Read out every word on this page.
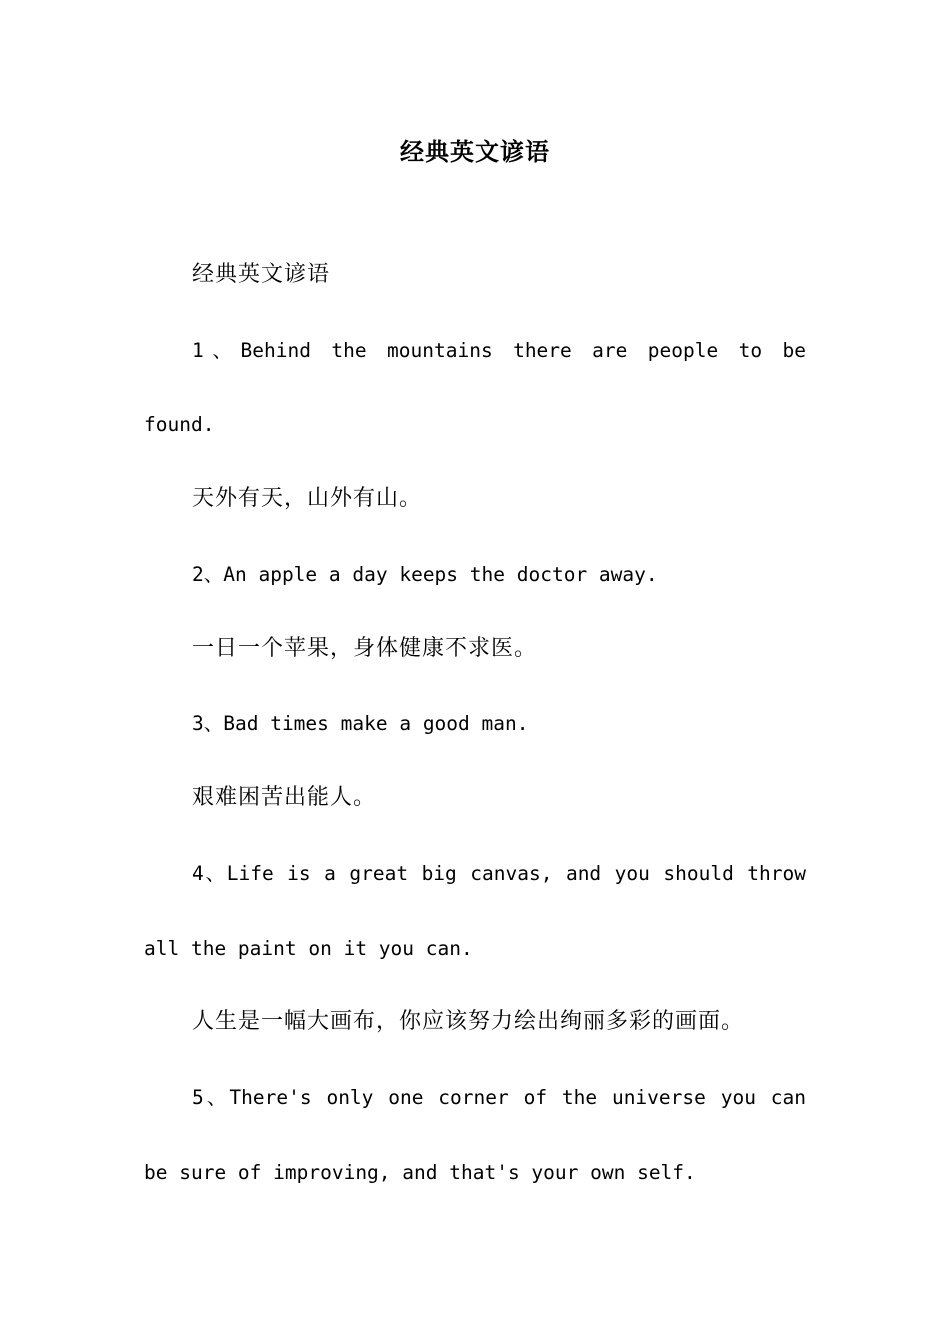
经典英文谚语
经典英文谚语
1、Behind the mountains there are people to be
found.
天外有天，山外有山。
2、An apple a day keeps the doctor away.
一日一个苹果，身体健康不求医。
3、Bad times make a good man.
艰难困苦出能人。
4、Life is a great big canvas, and you should throw
all the paint on it you can.
人生是一幅大画布，你应该努力绘出绚丽多彩的画面。
5、There's only one corner of the universe you can
be sure of improving, and that's your own self.
